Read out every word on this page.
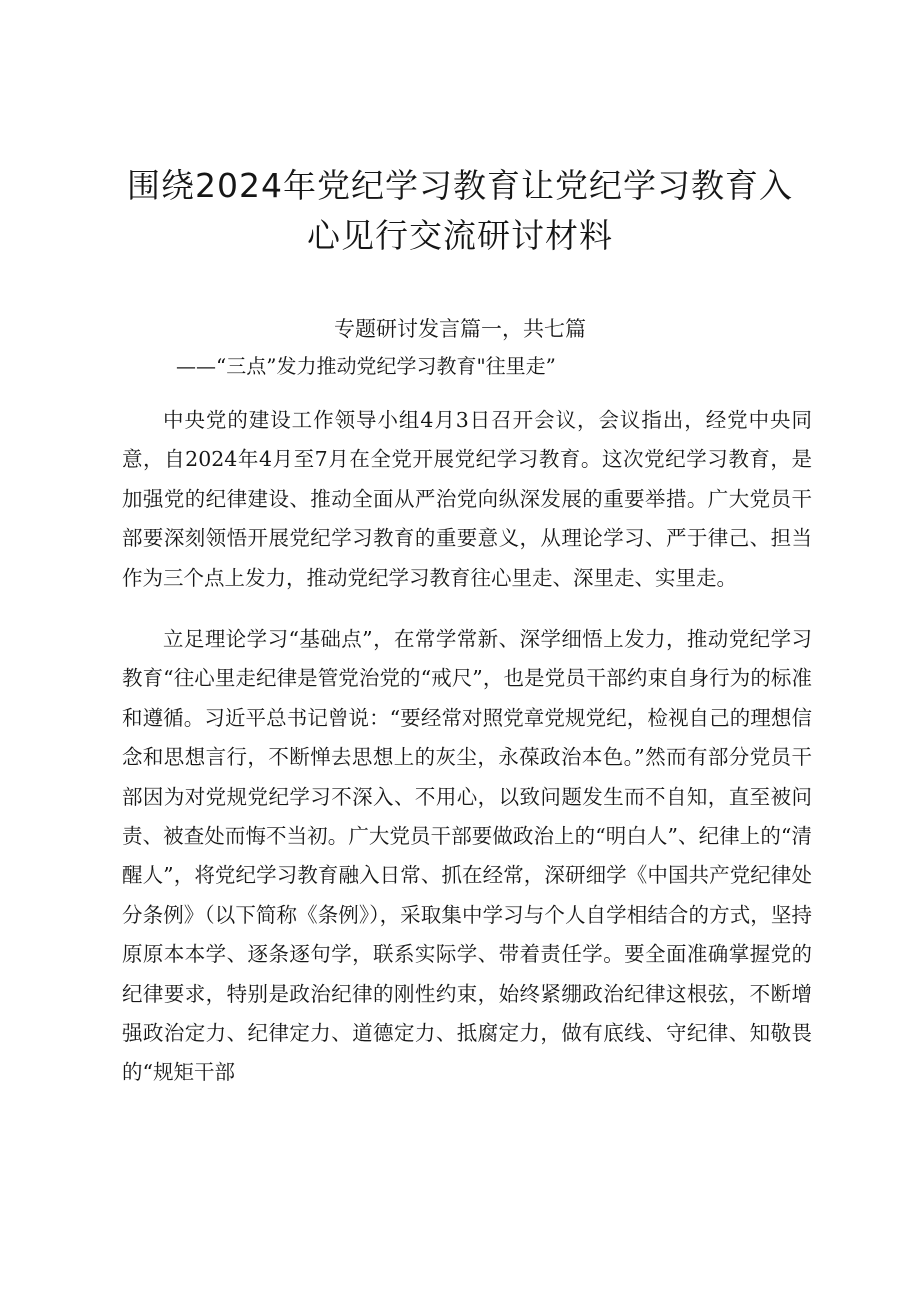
围绕2024年党纪学习教育让党纪学习教育入
心见行交流研讨材料
专题研讨发言篇一，共七篇
——“三点”发力推动党纪学习教育"往里走”

中央党的建设工作领导小组4月3日召开会议，会议指出，经党中央同意，自2024年4月至7月在全党开展党纪学习教育。这次党纪学习教育，是加强党的纪律建设、推动全面从严治党向纵深发展的重要举措。广大党员干部要深刻领悟开展党纪学习教育的重要意义，从理论学习、严于律己、担当作为三个点上发力，推动党纪学习教育往心里走、深里走、实里走。

立足理论学习“基础点”，在常学常新、深学细悟上发力，推动党纪学习教育“往心里走纪律是管党治党的“戒尺”，也是党员干部约束自身行为的标准和遵循。习近平总书记曾说：“要经常对照党章党规党纪，检视自己的理想信念和思想言行，不断惮去思想上的灰尘，永葆政治本色。”然而有部分党员干部因为对党规党纪学习不深入、不用心，以致问题发生而不自知，直至被问责、被查处而悔不当初。广大党员干部要做政治上的“明白人”、纪律上的“清醒人”，将党纪学习教育融入日常、抓在经常，深研细学《中国共产党纪律处分条例》（以下简称《条例》），采取集中学习与个人自学相结合的方式，坚持原原本本学、逐条逐句学，联系实际学、带着责任学。要全面准确掌握党的纪律要求，特别是政治纪律的刚性约束，始终紧绷政治纪律这根弦，不断增强政治定力、纪律定力、道德定力、抵腐定力，做有底线、守纪律、知敬畏的“规矩干部
